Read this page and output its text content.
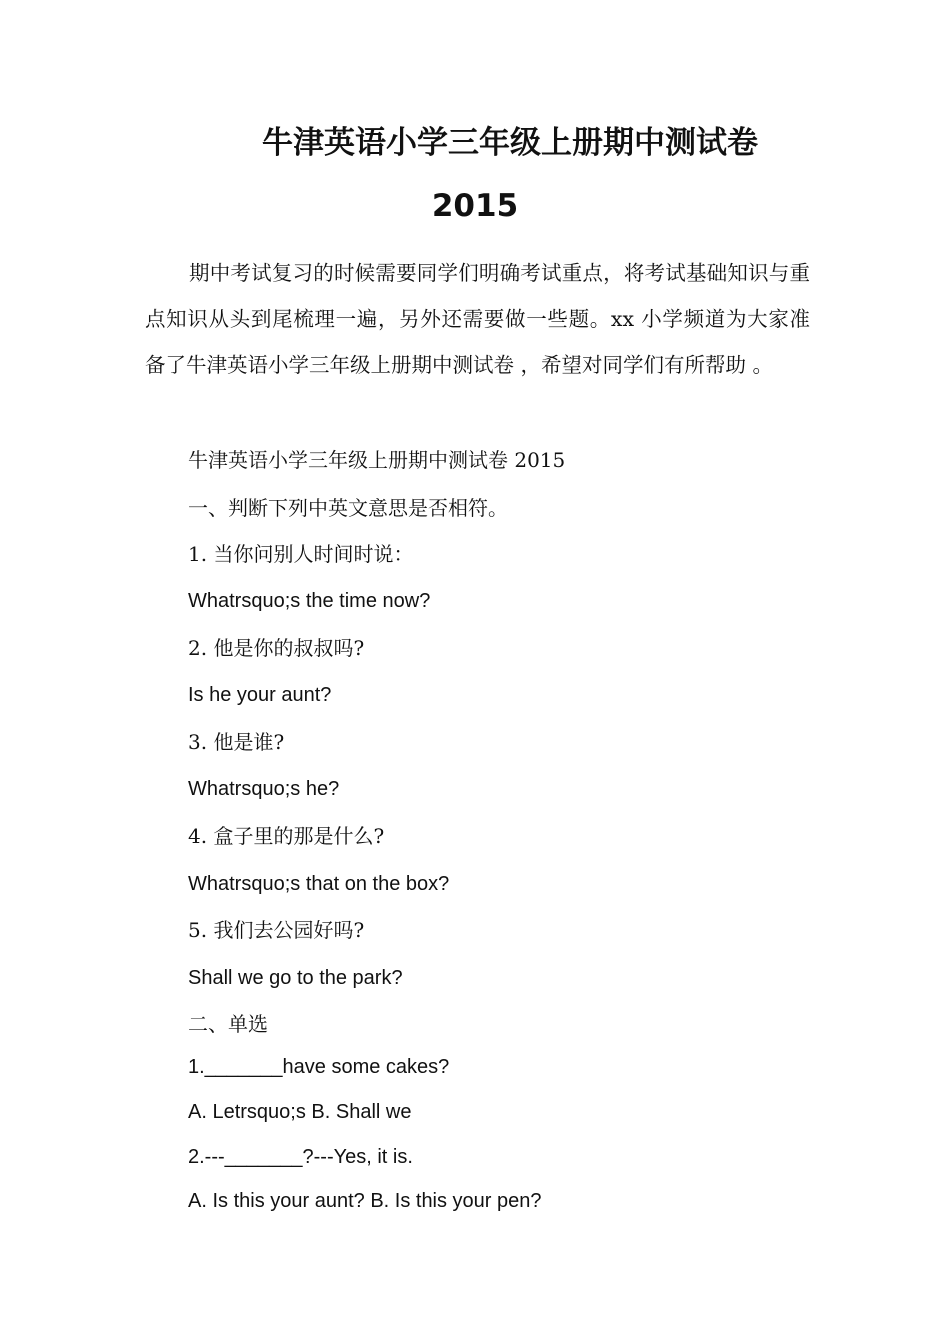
牛津英语小学三年级上册期中测试卷
2015

期中考试复习的时候需要同学们明确考试重点，将考试基础知识与重点知识从头到尾梳理一遍，另外还需要做一些题。xx 小学频道为大家准备了牛津英语小学三年级上册期中测试卷 ，希望对同学们有所帮助 。

牛津英语小学三年级上册期中测试卷 2015

一、判断下列中英文意思是否相符。

1. 当你问别人时间时说：

Whatrsquo;s the time now?

2. 他是你的叔叔吗?

Is he your aunt?

3. 他是谁?

Whatrsquo;s he?

4. 盒子里的那是什么?

Whatrsquo;s that on the box?

5. 我们去公园好吗?

Shall we go to the park?

二、单选

1._______have some cakes?

A. Letrsquo;s B. Shall we

2.---_______?---Yes, it is.

A. Is this your aunt? B. Is this your pen?
